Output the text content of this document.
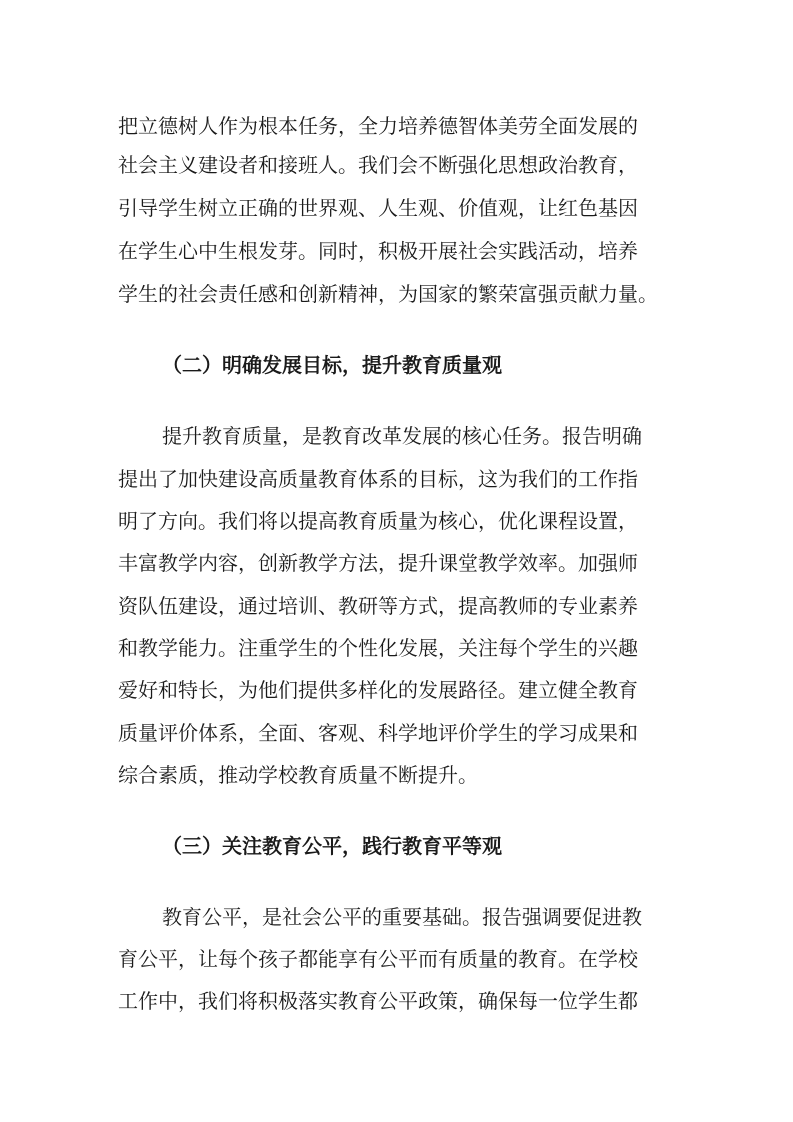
把立德树人作为根本任务，全力培养德智体美劳全面发展的

社会主义建设者和接班人。我们会不断强化思想政治教育，

引导学生树立正确的世界观、人生观、价值观，让红色基因

在学生心中生根发芽。同时，积极开展社会实践活动，培养

学生的社会责任感和创新精神，为国家的繁荣富强贡献力量。

（二）明确发展目标，提升教育质量观

提升教育质量，是教育改革发展的核心任务。报告明确

提出了加快建设高质量教育体系的目标，这为我们的工作指

明了方向。我们将以提高教育质量为核心，优化课程设置，

丰富教学内容，创新教学方法，提升课堂教学效率。加强师

资队伍建设，通过培训、教研等方式，提高教师的专业素养

和教学能力。注重学生的个性化发展，关注每个学生的兴趣

爱好和特长，为他们提供多样化的发展路径。建立健全教育

质量评价体系，全面、客观、科学地评价学生的学习成果和

综合素质，推动学校教育质量不断提升。

（三）关注教育公平，践行教育平等观

教育公平，是社会公平的重要基础。报告强调要促进教

育公平，让每个孩子都能享有公平而有质量的教育。在学校

工作中，我们将积极落实教育公平政策，确保每一位学生都
